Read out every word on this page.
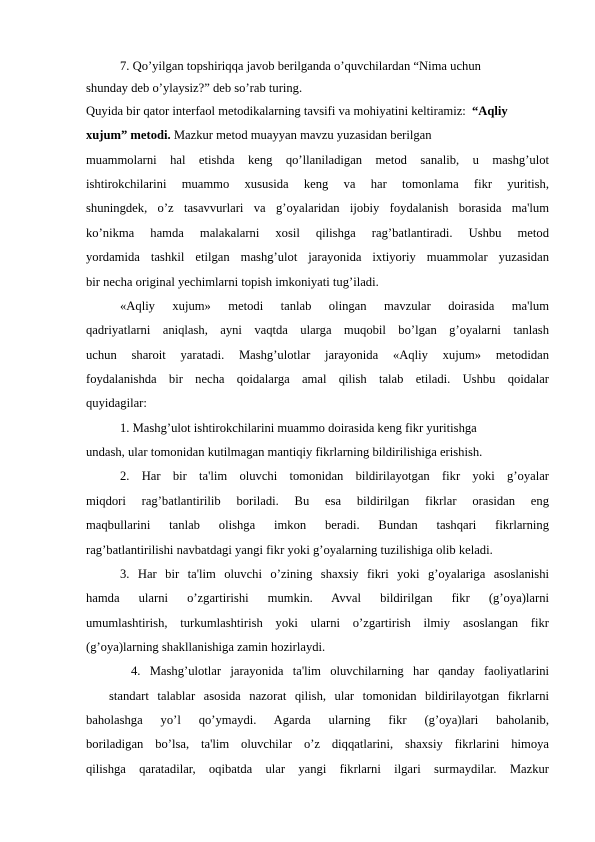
7. Qo’yilgan topshiriqqa javob berilganda o’quvchilardan “Nima uchun
shunday deb o’ylaysiz?” deb so’rab turing.
Quyida bir qator interfaol metodikalarning tavsifi va mohiyatini keltiramiz: “Aqliy
xujum” metodi. Mazkur metod muayyan mavzu yuzasidan berilgan
muammolarni hal etishda keng qo’llaniladigan metod sanalib, u mashg’ulot
ishtirokchilarini muammo xususida keng va har tomonlama fikr yuritish,
shuningdek, o’z tasavvurlari va g’oyalaridan ijobiy foydalanish borasida ma'lum
ko’nikma hamda malakalarni xosil qilishga rag’batlantiradi. Ushbu metod
yordamida tashkil etilgan mashg’ulot jarayonida ixtiyoriy muammolar yuzasidan
bir necha original yechimlarni topish imkoniyati tug’iladi.
«Aqliy xujum» metodi tanlab olingan mavzular doirasida ma'lum
qadriyatlarni aniqlash, ayni vaqtda ularga muqobil bo’lgan g’oyalarni tanlash
uchun sharoit yaratadi. Mashg’ulotlar jarayonida «Aqliy xujum» metodidan
foydalanishda bir necha qoidalarga amal qilish talab etiladi. Ushbu qoidalar
quyidagilar:
1. Mashg’ulot ishtirokchilarini muammo doirasida keng fikr yuritishga
undash, ular tomonidan kutilmagan mantiqiy fikrlarning bildirilishiga erishish.
2. Har bir ta'lim oluvchi tomonidan bildirilayotgan fikr yoki g’oyalar
miqdori rag’batlantirilib boriladi. Bu esa bildirilgan fikrlar orasidan eng
maqbullarini tanlab olishga imkon beradi. Bundan tashqari fikrlarning
rag’batlantirilishi navbatdagi yangi fikr yoki g’oyalarning tuzilishiga olib keladi.
3. Har bir ta'lim oluvchi o’zining shaxsiy fikri yoki g’oyalariga asoslanishi
hamda ularni o’zgartirishi mumkin. Avval bildirilgan fikr (g’oya)larni
umumlashtirish, turkumlashtirish yoki ularni o’zgartirish ilmiy asoslangan fikr
(g’oya)larning shakllanishiga zamin hozirlaydi.
4. Mashg’ulotlar jarayonida ta'lim oluvchilarning har qanday faoliyatlarini
standart talablar asosida nazorat qilish, ular tomonidan bildirilayotgan fikrlarni
baholashga yo’l qo’ymaydi. Agarda ularning fikr (g’oya)lari baholanib,
boriladigan bo’lsa, ta'lim oluvchilar o’z diqqatlarini, shaxsiy fikrlarini himoya
qilishga qaratadilar, oqibatda ular yangi fikrlarni ilgari surmaydilar. Mazkur
